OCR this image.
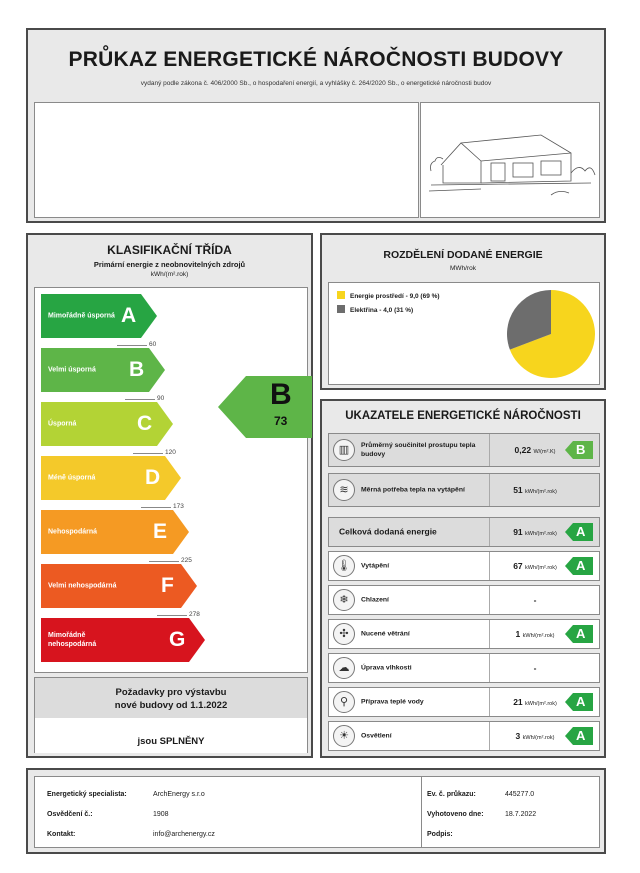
PRŮKAZ ENERGETICKÉ NÁROČNOSTI BUDOVY
vydaný podle zákona č. 406/2000 Sb., o hospodaření energií, a vyhlášky č. 264/2020 Sb., o energetické náročnosti budov
KLASIFIKAČNÍ TŘÍDA
Primární energie z neobnovitelných zdrojů
kWh/(m².rok)
Mimořádně úsporná A
Velmi úsporná	B
Úsporná	C
Méně úsporná	D
Nehospodárná	E
Velmi nehospodárná F
Mimořádně nehospodárná	G
60
90
120
173
225
278
B
73
Požadavky pro výstavbu
nové budovy od 1.1.2022
jsou SPLNĚNY
ROZDĚLENÍ DODANÉ ENERGIE
MWh/rok
Energie prostředí - 9,0 (69 %)
Elektřina - 4,0 (31 %)
UKAZATELE ENERGETICKÉ NÁROČNOSTI
▥	Průměrný součinitel prostupu tepla budovy	0,22 W/(m².K)	B
≋	Měrná potřeba tepla na vytápění	51 kWh/(m².rok)
Celková dodaná energie	91 kWh/(m².rok)	A
🌡	Vytápění	67 kWh/(m².rok)	A
❄	Chlazení	-
✣	Nucené větrání	1 kWh/(m².rok)	A
☁	Úprava vlhkosti	-
⚲	Příprava teplé vody	21 kWh/(m².rok)	A
☀	Osvětlení	3 kWh/(m².rok)	A
Energetický specialista:	ArchEnergy s.r.o
Osvědčení č.:	1908
Kontakt:	info@archenergy.cz
Ev. č. průkazu:	445277.0
Vyhotoveno dne:	18.7.2022
Podpis:
